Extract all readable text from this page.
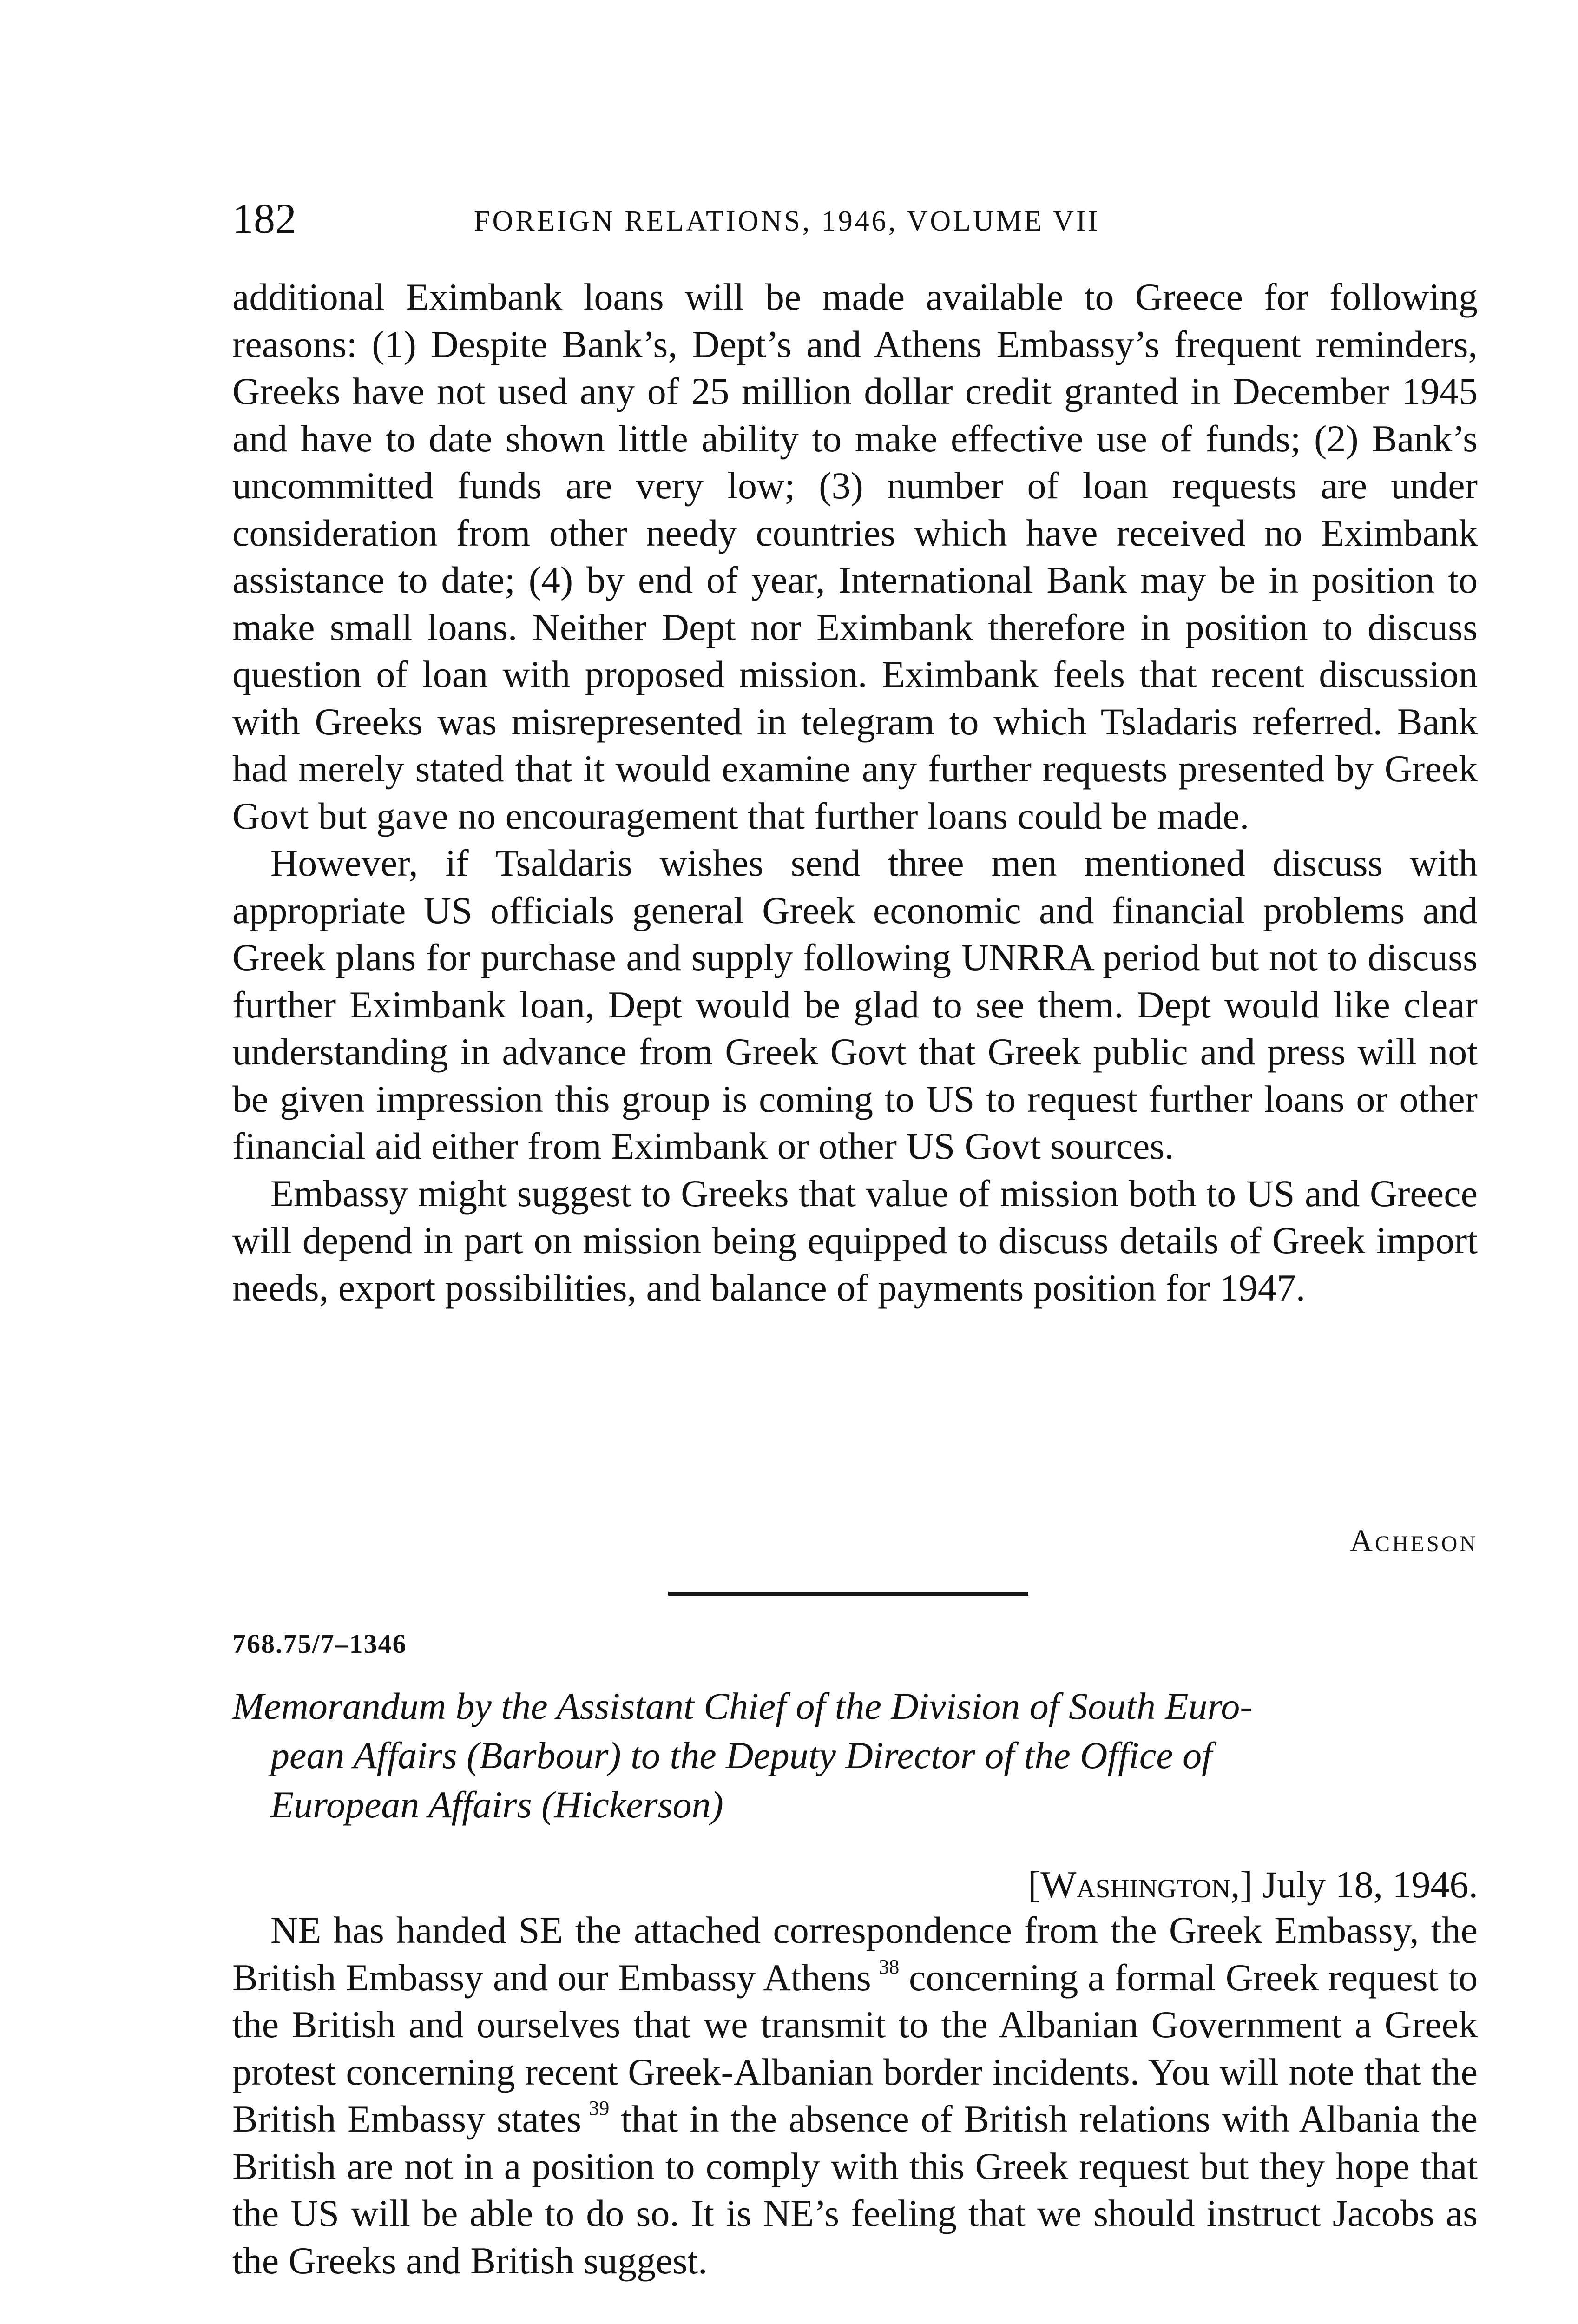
182	FOREIGN RELATIONS, 1946, VOLUME VII

additional Eximbank loans will be made available to Greece for following reasons: (1) Despite Bank’s, Dept’s and Athens Embassy’s frequent reminders, Greeks have not used any of 25 million dollar credit granted in December 1945 and have to date shown little ability to make effective use of funds; (2) Bank’s uncommitted funds are very low; (3) number of loan requests are under consideration from other needy countries which have received no Eximbank assistance to date; (4) by end of year, International Bank may be in position to make small loans. Neither Dept nor Eximbank therefore in position to discuss question of loan with proposed mission. Eximbank feels that recent discussion with Greeks was misrepresented in telegram to which Tsladaris referred. Bank had merely stated that it would examine any further requests presented by Greek Govt but gave no encouragement that further loans could be made.

However, if Tsaldaris wishes send three men mentioned discuss with appropriate US officials general Greek economic and financial problems and Greek plans for purchase and supply following UNRRA period but not to discuss further Eximbank loan, Dept would be glad to see them. Dept would like clear understanding in advance from Greek Govt that Greek public and press will not be given impression this group is coming to US to request further loans or other financial aid either from Eximbank or other US Govt sources.

Embassy might suggest to Greeks that value of mission both to US and Greece will depend in part on mission being equipped to discuss details of Greek import needs, export possibilities, and balance of payments position for 1947.

Acheson
768.75/7–1346
Memorandum by the Assistant Chief of the Division of South Euro-
pean Affairs (Barbour) to the Deputy Director of the Office of
European Affairs (Hickerson)
[Washington,] July 18, 1946.

NE has handed SE the attached correspondence from the Greek Embassy, the British Embassy and our Embassy Athens  $^{38}$ concerning a formal Greek request to the British and ourselves that we transmit to the Albanian Government a Greek protest concerning recent Greek-Albanian border incidents. You will note that the British Embassy states  $^{39}$ that in the absence of British relations with Albania the British are not in a position to comply with this Greek request but they hope that the US will be able to do so. It is NE’s feeling that we should instruct Jacobs as the Greeks and British suggest.
